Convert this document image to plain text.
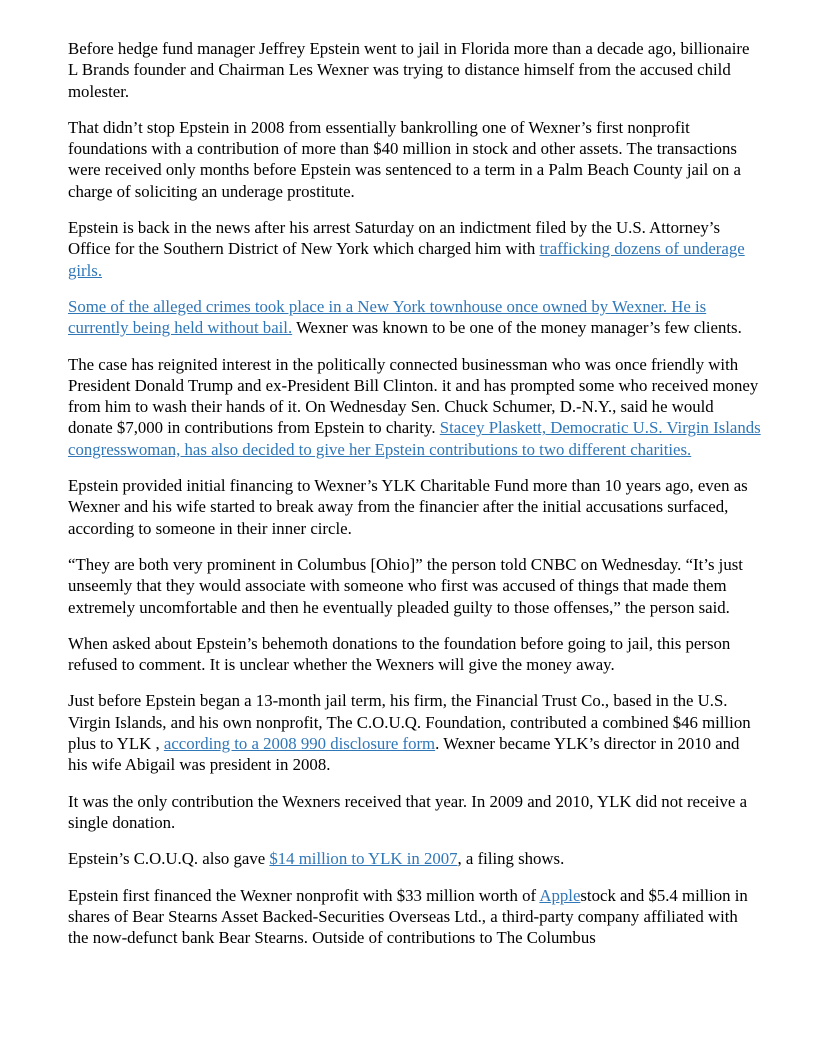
Before hedge fund manager Jeffrey Epstein went to jail in Florida more than a decade ago, billionaire L Brands founder and Chairman Les Wexner was trying to distance himself from the accused child molester.

That didn’t stop Epstein in 2008 from essentially bankrolling one of Wexner’s first nonprofit foundations with a contribution of more than $40 million in stock and other assets. The transactions were received only months before Epstein was sentenced to a term in a Palm Beach County jail on a charge of soliciting an underage prostitute.

Epstein is back in the news after his arrest Saturday on an indictment filed by the U.S. Attorney’s Office for the Southern District of New York which charged him with trafficking dozens of underage girls.

Some of the alleged crimes took place in a New York townhouse once owned by Wexner. He is currently being held without bail. Wexner was known to be one of the money manager’s few clients.

The case has reignited interest in the politically connected businessman who was once friendly with President Donald Trump and ex-President Bill Clinton. it and has prompted some who received money from him to wash their hands of it. On Wednesday Sen. Chuck Schumer, D.-N.Y., said he would donate $7,000 in contributions from Epstein to charity. Stacey Plaskett, Democratic U.S. Virgin Islands congresswoman, has also decided to give her Epstein contributions to two different charities.

Epstein provided initial financing to Wexner’s YLK Charitable Fund more than 10 years ago, even as Wexner and his wife started to break away from the financier after the initial accusations surfaced, according to someone in their inner circle.

“They are both very prominent in Columbus [Ohio]” the person told CNBC on Wednesday. “It’s just unseemly that they would associate with someone who first was accused of things that made them extremely uncomfortable and then he eventually pleaded guilty to those offenses,” the person said.

When asked about Epstein’s behemoth donations to the foundation before going to jail, this person refused to comment. It is unclear whether the Wexners will give the money away.

Just before Epstein began a 13-month jail term, his firm, the Financial Trust Co., based in the U.S. Virgin Islands, and his own nonprofit, The C.O.U.Q. Foundation, contributed a combined $46 million plus to YLK , according to a 2008 990 disclosure form. Wexner became YLK’s director in 2010 and his wife Abigail was president in 2008.

It was the only contribution the Wexners received that year. In 2009 and 2010, YLK did not receive a single donation.

Epstein’s C.O.U.Q. also gave $14 million to YLK in 2007, a filing shows.

Epstein first financed the Wexner nonprofit with $33 million worth of Applestock and $5.4 million in shares of Bear Stearns Asset Backed-Securities Overseas Ltd., a third-party company affiliated with the now-defunct bank Bear Stearns. Outside of contributions to The Columbus
